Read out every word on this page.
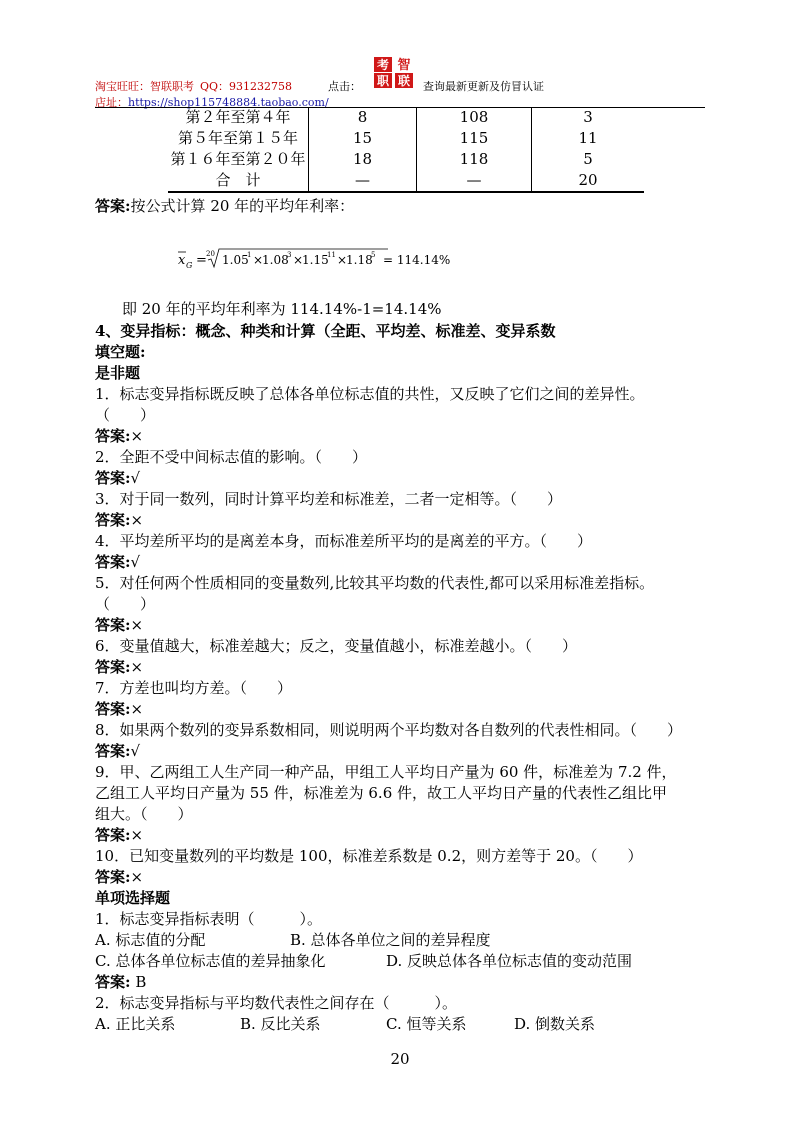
淘宝旺旺：智联职考 QQ：931232758
店址：https://shop115748884.taobao.com/
点击：
考 智
职 联 查询最新更新及仿冒认证
第２年至第４年	8	108	3
第５年至第１５年	15	115	11
第１６年至第２０年	18	118	5
合　计	—	—	20
答案:按公式计算 20 年的平均年利率：
x G = 20 1.05
1 ×
1.08
3 ×
1.15
11 ×
1.18
5 = 114.14%
即 20 年的平均年利率为 114.14%-1=14.14%
4、变异指标：概念、种类和计算（全距、平均差、标准差、变异系数
填空题:
是非题
1．标志变异指标既反映了总体各单位标志值的共性，又反映了它们之间的差异性。
（　　）
答案:×
2．全距不受中间标志值的影响。（　　）
答案:√
3．对于同一数列，同时计算平均差和标准差，二者一定相等。（　　）
答案:×
4．平均差所平均的是离差本身，而标准差所平均的是离差的平方。（　　）
答案:√
5．对任何两个性质相同的变量数列,比较其平均数的代表性,都可以采用标准差指标。
（　　）
答案:×
6．变量值越大，标准差越大；反之，变量值越小，标准差越小。（　　）
答案:×
7．方差也叫均方差。（　　）
答案:×
8．如果两个数列的变异系数相同，则说明两个平均数对各自数列的代表性相同。（　　）
答案:√
9．甲、乙两组工人生产同一种产品，甲组工人平均日产量为 60 件，标准差为 7.2 件，
乙组工人平均日产量为 55 件，标准差为 6.6 件，故工人平均日产量的代表性乙组比甲
组大。（　　）
答案:×
10．已知变量数列的平均数是 100，标准差系数是 0.2，则方差等于 20。（　　）
答案:×
单项选择题
1．标志变异指标表明（　　　）。
A. 标志值的分配	B. 总体各单位之间的差异程度
C. 总体各单位标志值的差异抽象化	D. 反映总体各单位标志值的变动范围
答案: B
2．标志变异指标与平均数代表性之间存在（　　　）。
A. 正比关系	B. 反比关系	C. 恒等关系	D. 倒数关系
20
